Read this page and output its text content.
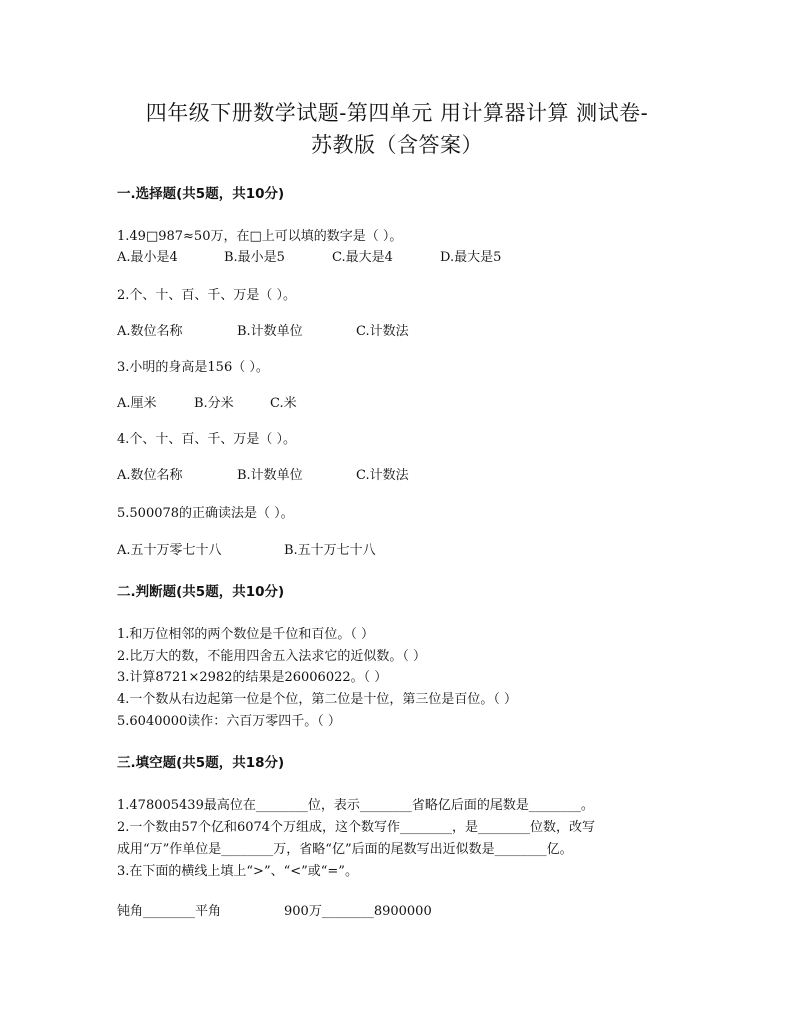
四年级下册数学试题-第四单元 用计算器计算 测试卷-
苏教版（含答案）
一.选择题(共5题，共10分)
1.49□987≈50万，在□上可以填的数字是（ ）。
A.最小是4	B.最小是5	C.最大是4	D.最大是5
2.个、十、百、千、万是（ ）。
A.数位名称	B.计数单位	C.计数法
3.小明的身高是156（ ）。
A.厘米	B.分米	C.米
4.个、十、百、千、万是（ ）。
A.数位名称	B.计数单位	C.计数法
5.500078的正确读法是（ ）。
A.五十万零七十八	B.五十万七十八
二.判断题(共5题，共10分)
1.和万位相邻的两个数位是千位和百位。（ ）
2.比万大的数，不能用四舍五入法求它的近似数。（ ）
3.计算8721×2982的结果是26006022。（ ）
4.一个数从右边起第一位是个位，第二位是十位，第三位是百位。（ ）
5.6040000读作：六百万零四千。（ ）
三.填空题(共5题，共18分)
1.478005439最高位在________位，表示________省略亿后面的尾数是________。
2.一个数由57个亿和6074个万组成，这个数写作________，是________位数，改写
成用“万”作单位是________万，省略“亿”后面的尾数写出近似数是________亿。
3.在下面的横线上填上“>”、“<”或“=”。
钝角________平角	900万________8900000
